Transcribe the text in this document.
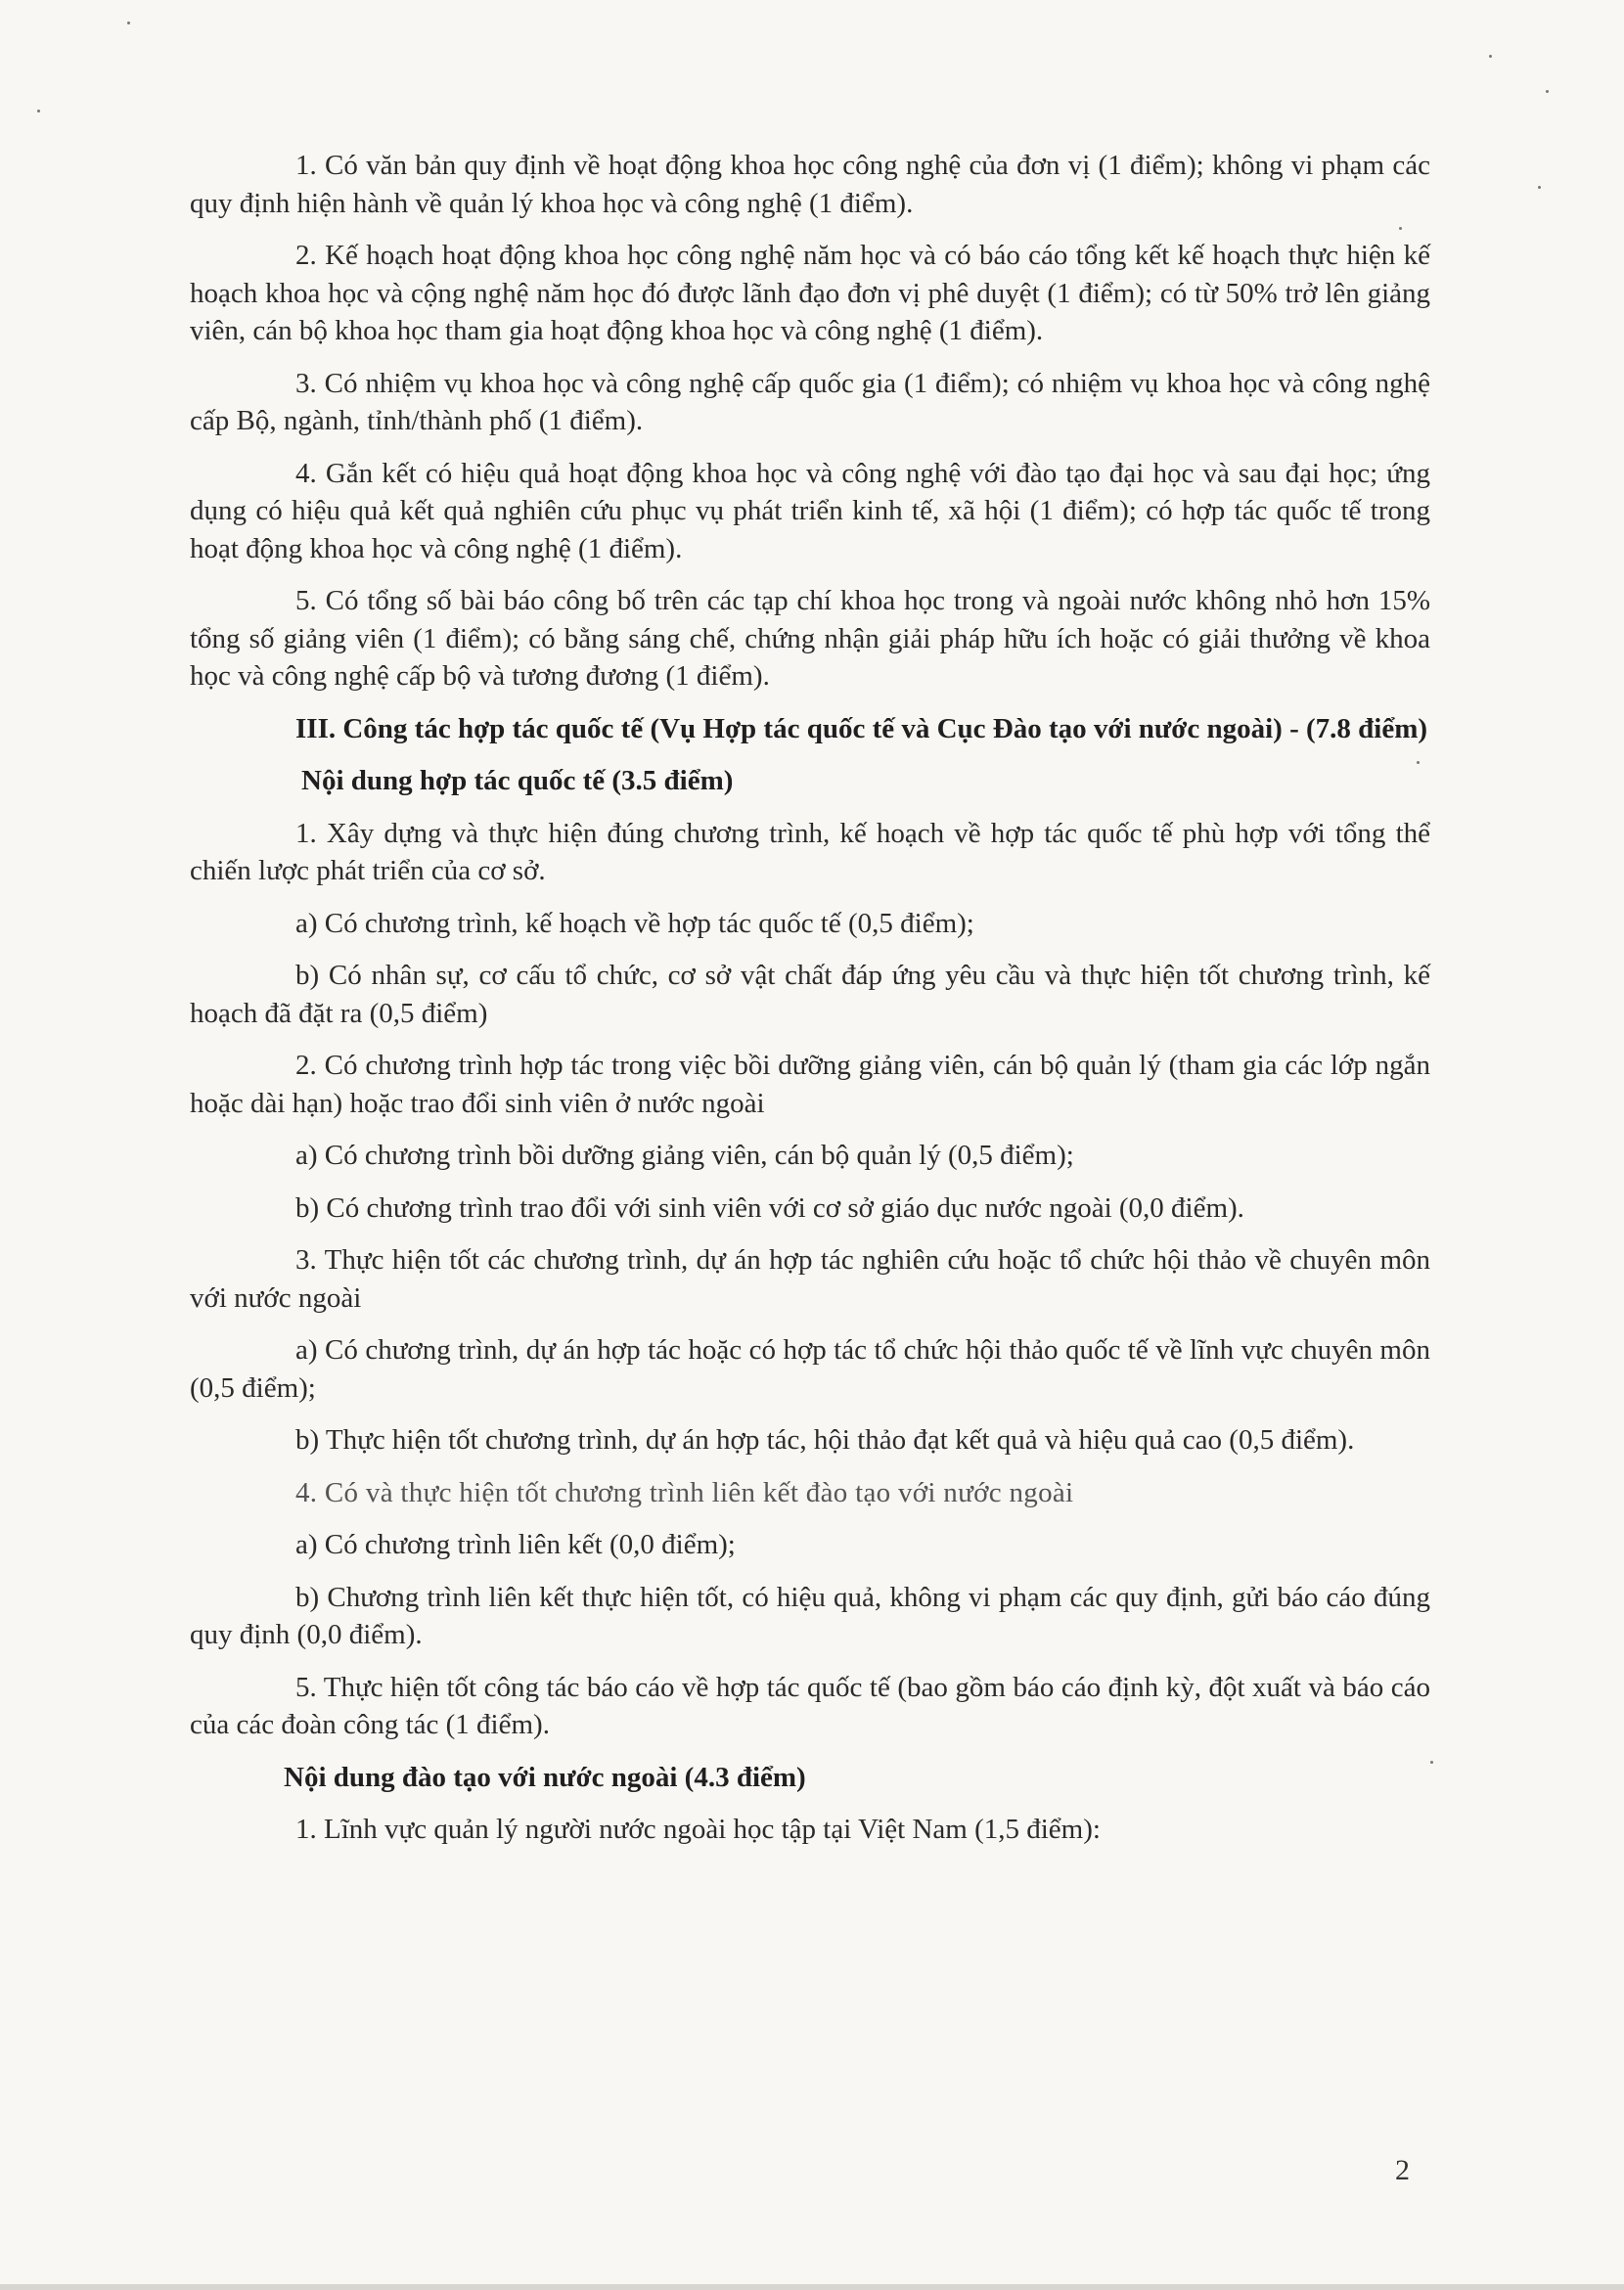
1. Có văn bản quy định về hoạt động khoa học công nghệ của đơn vị (1 điểm); không vi phạm các quy định hiện hành về quản lý khoa học và công nghệ (1 điểm).

2. Kế hoạch hoạt động khoa học công nghệ năm học và có báo cáo tổng kết kế hoạch thực hiện kế hoạch khoa học và cộng nghệ năm học đó được lãnh đạo đơn vị phê duyệt (1 điểm); có từ 50% trở lên giảng viên, cán bộ khoa học tham gia hoạt động khoa học và công nghệ (1 điểm).

3. Có nhiệm vụ khoa học và công nghệ cấp quốc gia (1 điểm); có nhiệm vụ khoa học và công nghệ cấp Bộ, ngành, tỉnh/thành phố (1 điểm).

4. Gắn kết có hiệu quả hoạt động khoa học và công nghệ với đào tạo đại học và sau đại học; ứng dụng có hiệu quả kết quả nghiên cứu phục vụ phát triển kinh tế, xã hội (1 điểm); có hợp tác quốc tế trong hoạt động khoa học và công nghệ (1 điểm).

5. Có tổng số bài báo công bố trên các tạp chí khoa học trong và ngoài nước không nhỏ hơn 15% tổng số giảng viên (1 điểm); có bằng sáng chế, chứng nhận giải pháp hữu ích hoặc có giải thưởng về khoa học và công nghệ cấp bộ và tương đương (1 điểm).

III. Công tác hợp tác quốc tế (Vụ Hợp tác quốc tế và Cục Đào tạo với nước ngoài) - (7.8 điểm)

Nội dung hợp tác quốc tế (3.5 điểm)

1. Xây dựng và thực hiện đúng chương trình, kế hoạch về hợp tác quốc tế phù hợp với tổng thể chiến lược phát triển của cơ sở.

a) Có chương trình, kế hoạch về hợp tác quốc tế (0,5 điểm);

b) Có nhân sự, cơ cấu tổ chức, cơ sở vật chất đáp ứng yêu cầu và thực hiện tốt chương trình, kế hoạch đã đặt ra (0,5 điểm)

2. Có chương trình hợp tác trong việc bồi dưỡng giảng viên, cán bộ quản lý (tham gia các lớp ngắn hoặc dài hạn) hoặc trao đổi sinh viên ở nước ngoài

a) Có chương trình bồi dưỡng giảng viên, cán bộ quản lý (0,5 điểm);

b) Có chương trình trao đổi với sinh viên với cơ sở giáo dục nước ngoài (0,0 điểm).

3. Thực hiện tốt các chương trình, dự án hợp tác nghiên cứu hoặc tổ chức hội thảo về chuyên môn với nước ngoài

a) Có chương trình, dự án hợp tác hoặc có hợp tác tổ chức hội thảo quốc tế về lĩnh vực chuyên môn (0,5 điểm);

b) Thực hiện tốt chương trình, dự án hợp tác, hội thảo đạt kết quả và hiệu quả cao (0,5 điểm).

4. Có và thực hiện tốt chương trình liên kết đào tạo với nước ngoài

a) Có chương trình liên kết (0,0 điểm);

b) Chương trình liên kết thực hiện tốt, có hiệu quả, không vi phạm các quy định, gửi báo cáo đúng quy định (0,0 điểm).

5. Thực hiện tốt công tác báo cáo về hợp tác quốc tế (bao gồm báo cáo định kỳ, đột xuất và báo cáo của các đoàn công tác (1 điểm).

Nội dung đào tạo với nước ngoài (4.3 điểm)

1. Lĩnh vực quản lý người nước ngoài học tập tại Việt Nam (1,5 điểm):

2
